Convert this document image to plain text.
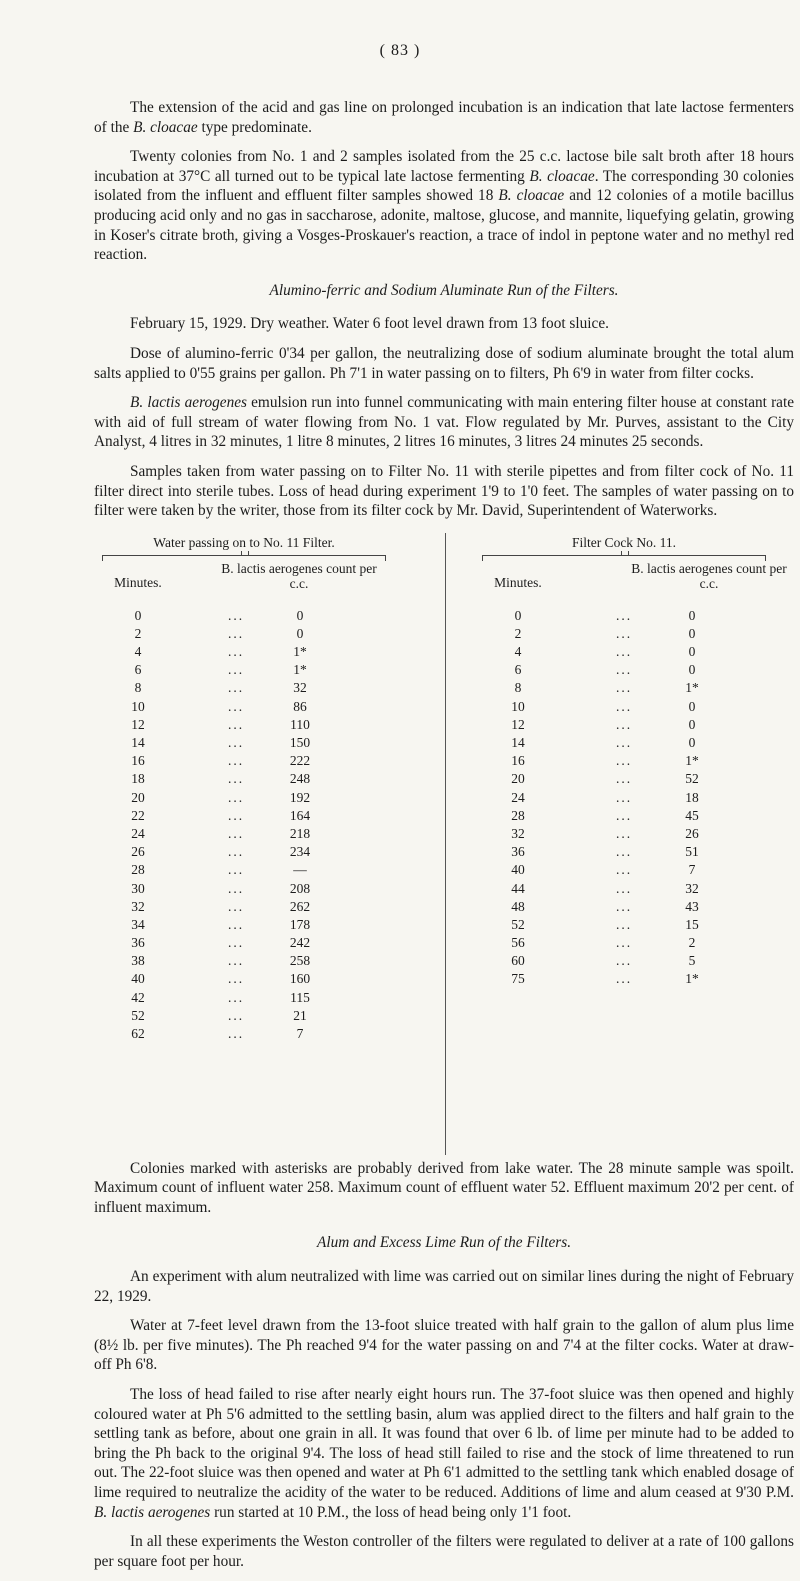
( 83 )

The extension of the acid and gas line on prolonged incubation is an indication that late lactose fermenters of the B. cloacae type predominate.

Twenty colonies from No. 1 and 2 samples isolated from the 25 c.c. lactose bile salt broth after 18 hours incubation at 37°C all turned out to be typical late lactose fermenting B. cloacae. The corresponding 30 colonies isolated from the influent and effluent filter samples showed 18 B. cloacae and 12 colonies of a motile bacillus producing acid only and no gas in saccharose, adonite, maltose, glucose, and mannite, liquefying gelatin, growing in Koser's citrate broth, giving a Vosges-Proskauer's reaction, a trace of indol in peptone water and no methyl red reaction.

Alumino-ferric and Sodium Aluminate Run of the Filters.

February 15, 1929. Dry weather. Water 6 foot level drawn from 13 foot sluice.

Dose of alumino-ferric 0'34 per gallon, the neutralizing dose of sodium aluminate brought the total alum salts applied to 0'55 grains per gallon. Ph 7'1 in water passing on to filters, Ph 6'9 in water from filter cocks.

B. lactis aerogenes emulsion run into funnel communicating with main entering filter house at constant rate with aid of full stream of water flowing from No. 1 vat. Flow regulated by Mr. Purves, assistant to the City Analyst, 4 litres in 32 minutes, 1 litre 8 minutes, 2 litres 16 minutes, 3 litres 24 minutes 25 seconds.

Samples taken from water passing on to Filter No. 11 with sterile pipettes and from filter cock of No. 11 filter direct into sterile tubes. Loss of head during experiment 1'9 to 1'0 feet. The samples of water passing on to filter were taken by the writer, those from its filter cock by Mr. David, Superintendent of Waterworks.

Water passing on to No. 11 Filter.
Minutes.
B. lactis aerogenes count per c.c.
0	...	0
2	...	0
4	...	1*
6	...	1*
8	...	32
10	...	86
12	...	110
14	...	150
16	...	222
18	...	248
20	...	192
22	...	164
24	...	218
26	...	234
28	...	—
30	...	208
32	...	262
34	...	178
36	...	242
38	...	258
40	...	160
42	...	115
52	...	21
62	...	7
Filter Cock No. 11.
Minutes.
B. lactis aerogenes count per c.c.
0	...	0
2	...	0
4	...	0
6	...	0
8	...	1*
10	...	0
12	...	0
14	...	0
16	...	1*
20	...	52
24	...	18
28	...	45
32	...	26
36	...	51
40	...	7
44	...	32
48	...	43
52	...	15
56	...	2
60	...	5
75	...	1*

Colonies marked with asterisks are probably derived from lake water. The 28 minute sample was spoilt. Maximum count of influent water 258. Maximum count of effluent water 52. Effluent maximum 20'2 per cent. of influent maximum.

Alum and Excess Lime Run of the Filters.

An experiment with alum neutralized with lime was carried out on similar lines during the night of February 22, 1929.

Water at 7-feet level drawn from the 13-foot sluice treated with half grain to the gallon of alum plus lime (8½ lb. per five minutes). The Ph reached 9'4 for the water passing on and 7'4 at the filter cocks. Water at draw-off Ph 6'8.

The loss of head failed to rise after nearly eight hours run. The 37-foot sluice was then opened and highly coloured water at Ph 5'6 admitted to the settling basin, alum was applied direct to the filters and half grain to the settling tank as before, about one grain in all. It was found that over 6 lb. of lime per minute had to be added to bring the Ph back to the original 9'4. The loss of head still failed to rise and the stock of lime threatened to run out. The 22-foot sluice was then opened and water at Ph 6'1 admitted to the settling tank which enabled dosage of lime required to neutralize the acidity of the water to be reduced. Additions of lime and alum ceased at 9'30 P.M. B. lactis aerogenes run started at 10 P.M., the loss of head being only 1'1 foot.

In all these experiments the Weston controller of the filters were regulated to deliver at a rate of 100 gallons per square foot per hour.
